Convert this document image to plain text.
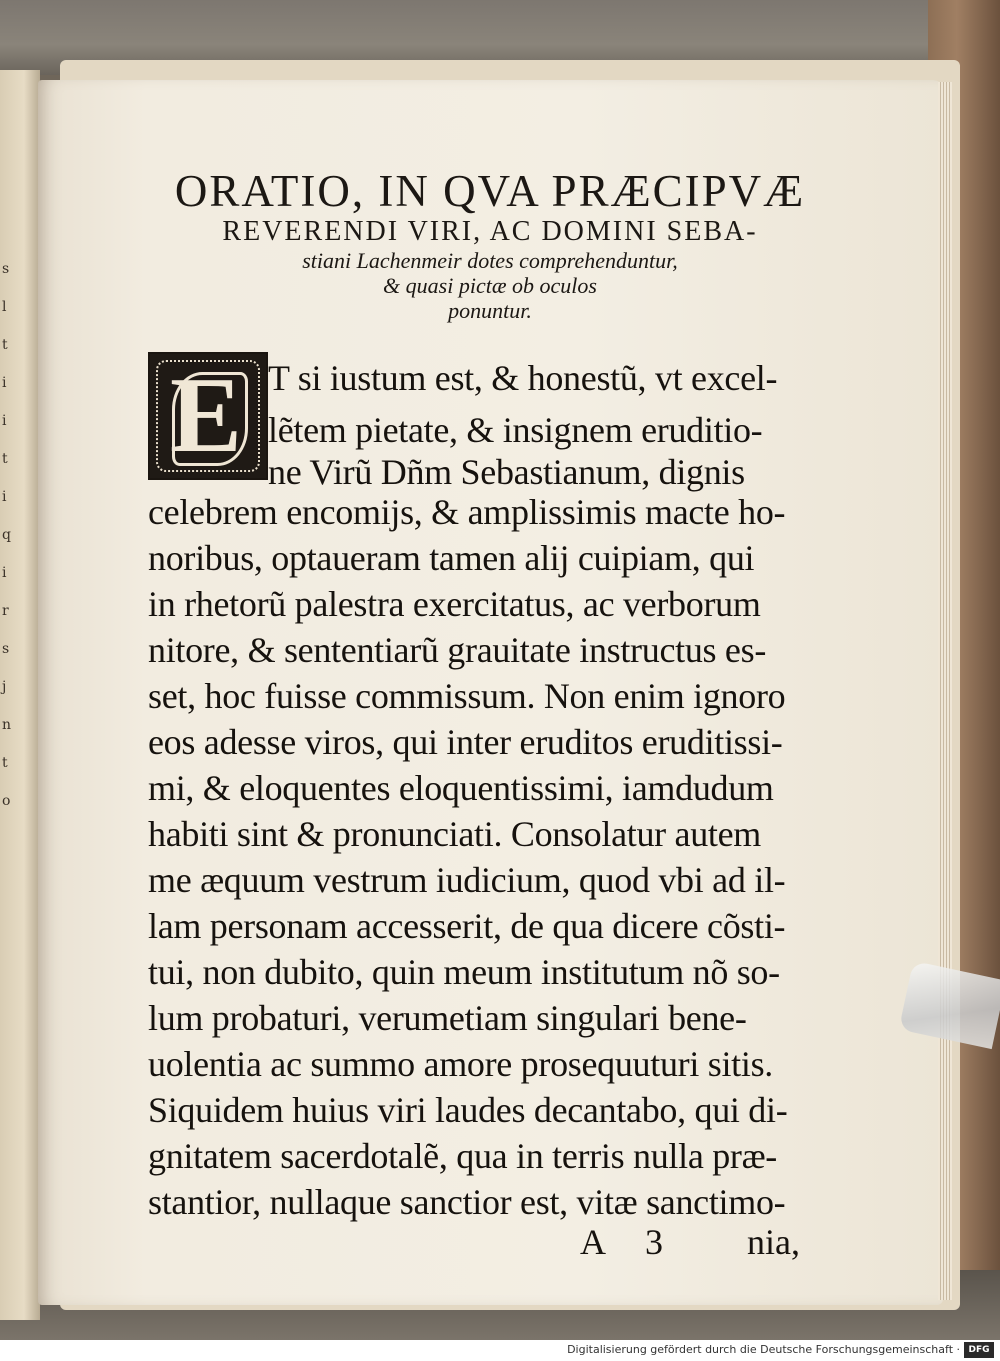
s
l
t
i
i
t
i
q
i
r
s
j
n
t
o
ORATIO, IN QVA PRÆCIPVÆ
REVERENDI VIRI, AC DOMINI SEBA-
stiani Lachenmeir dotes comprehenduntur,
& quasi pictæ ob oculos
ponuntur.
E T si iustum est, & honestũ, vt excel-
lẽtem pietate, & insignem eruditio-
ne Virũ Dñm Sebastianum, dignis
celebrem encomijs, & amplissimis macte ho-
noribus, optaueram tamen alij cuipiam, qui
in rhetorũ palestra exercitatus, ac verborum
nitore, & sententiarũ grauitate instructus es-
set, hoc fuisse commissum. Non enim ignoro
eos adesse viros, qui inter eruditos eruditissi-
mi, & eloquentes eloquentissimi, iamdudum
habiti sint & pronunciati. Consolatur autem
me æquum vestrum iudicium, quod vbi ad il-
lam personam accesserit, de qua dicere cõsti-
tui, non dubito, quin meum institutum nõ so-
lum probaturi, verumetiam singulari bene-
uolentia ac summo amore prosequuturi sitis.
Siquidem huius viri laudes decantabo, qui di-
gnitatem sacerdotalẽ, qua in terris nulla præ-
stantior, nullaque sanctior est, vitæ sanctimo-
A 3 nia,
Digitalisierung gefördert durch die Deutsche Forschungsgemeinschaft · DFG
